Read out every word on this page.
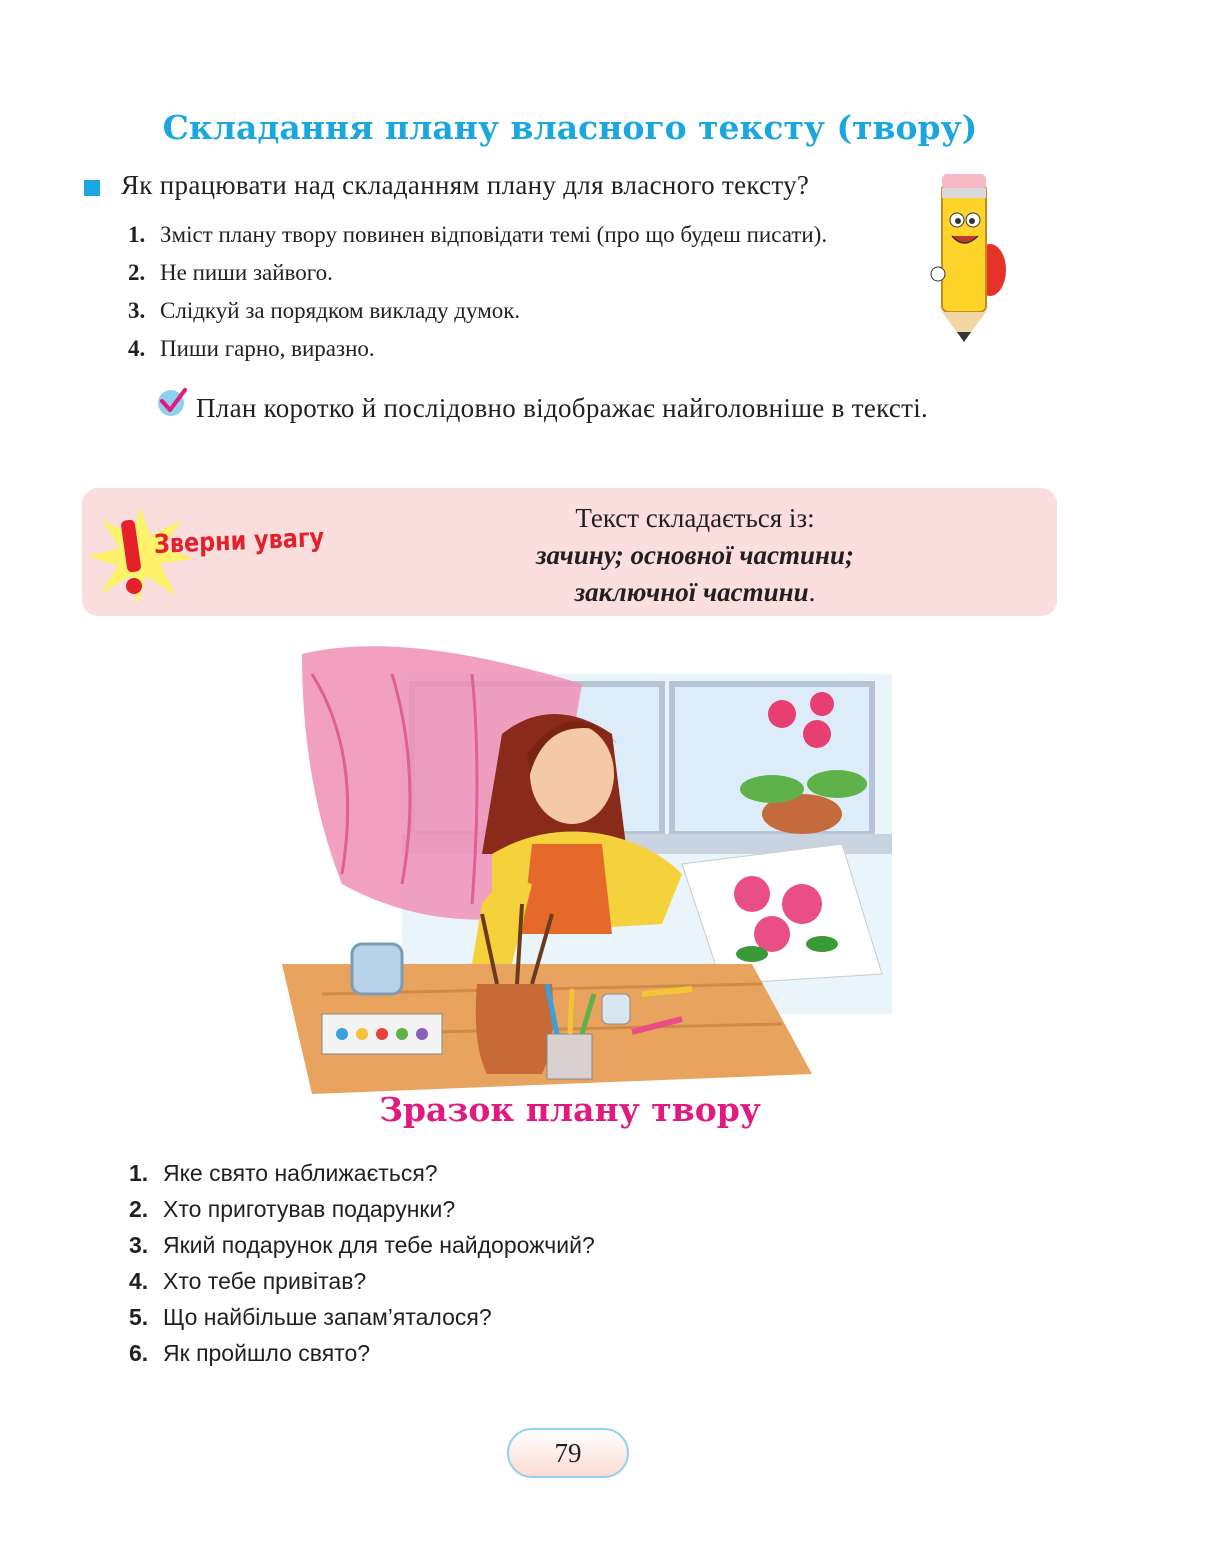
Складання плану власного тексту (твору)
Як працювати над складанням плану для власного тексту?
1. Зміст плану твору повинен відповідати темі (про що будеш писати).
2. Не пиши зайвого.
3. Слідкуй за порядком викладу думок.
4. Пиши гарно, виразно.
План коротко й послідовно відображає найголовніше в тексті.
Зверни увагу
Текст складається із:
зачину; основної частини;
заключної частини.
Зразок плану твору
1. Яке свято наближається?
2. Хто приготував подарунки?
3. Який подарунок для тебе найдорожчий?
4. Хто тебе привітав?
5. Що найбільше запам’яталося?
6. Як пройшло свято?
79
